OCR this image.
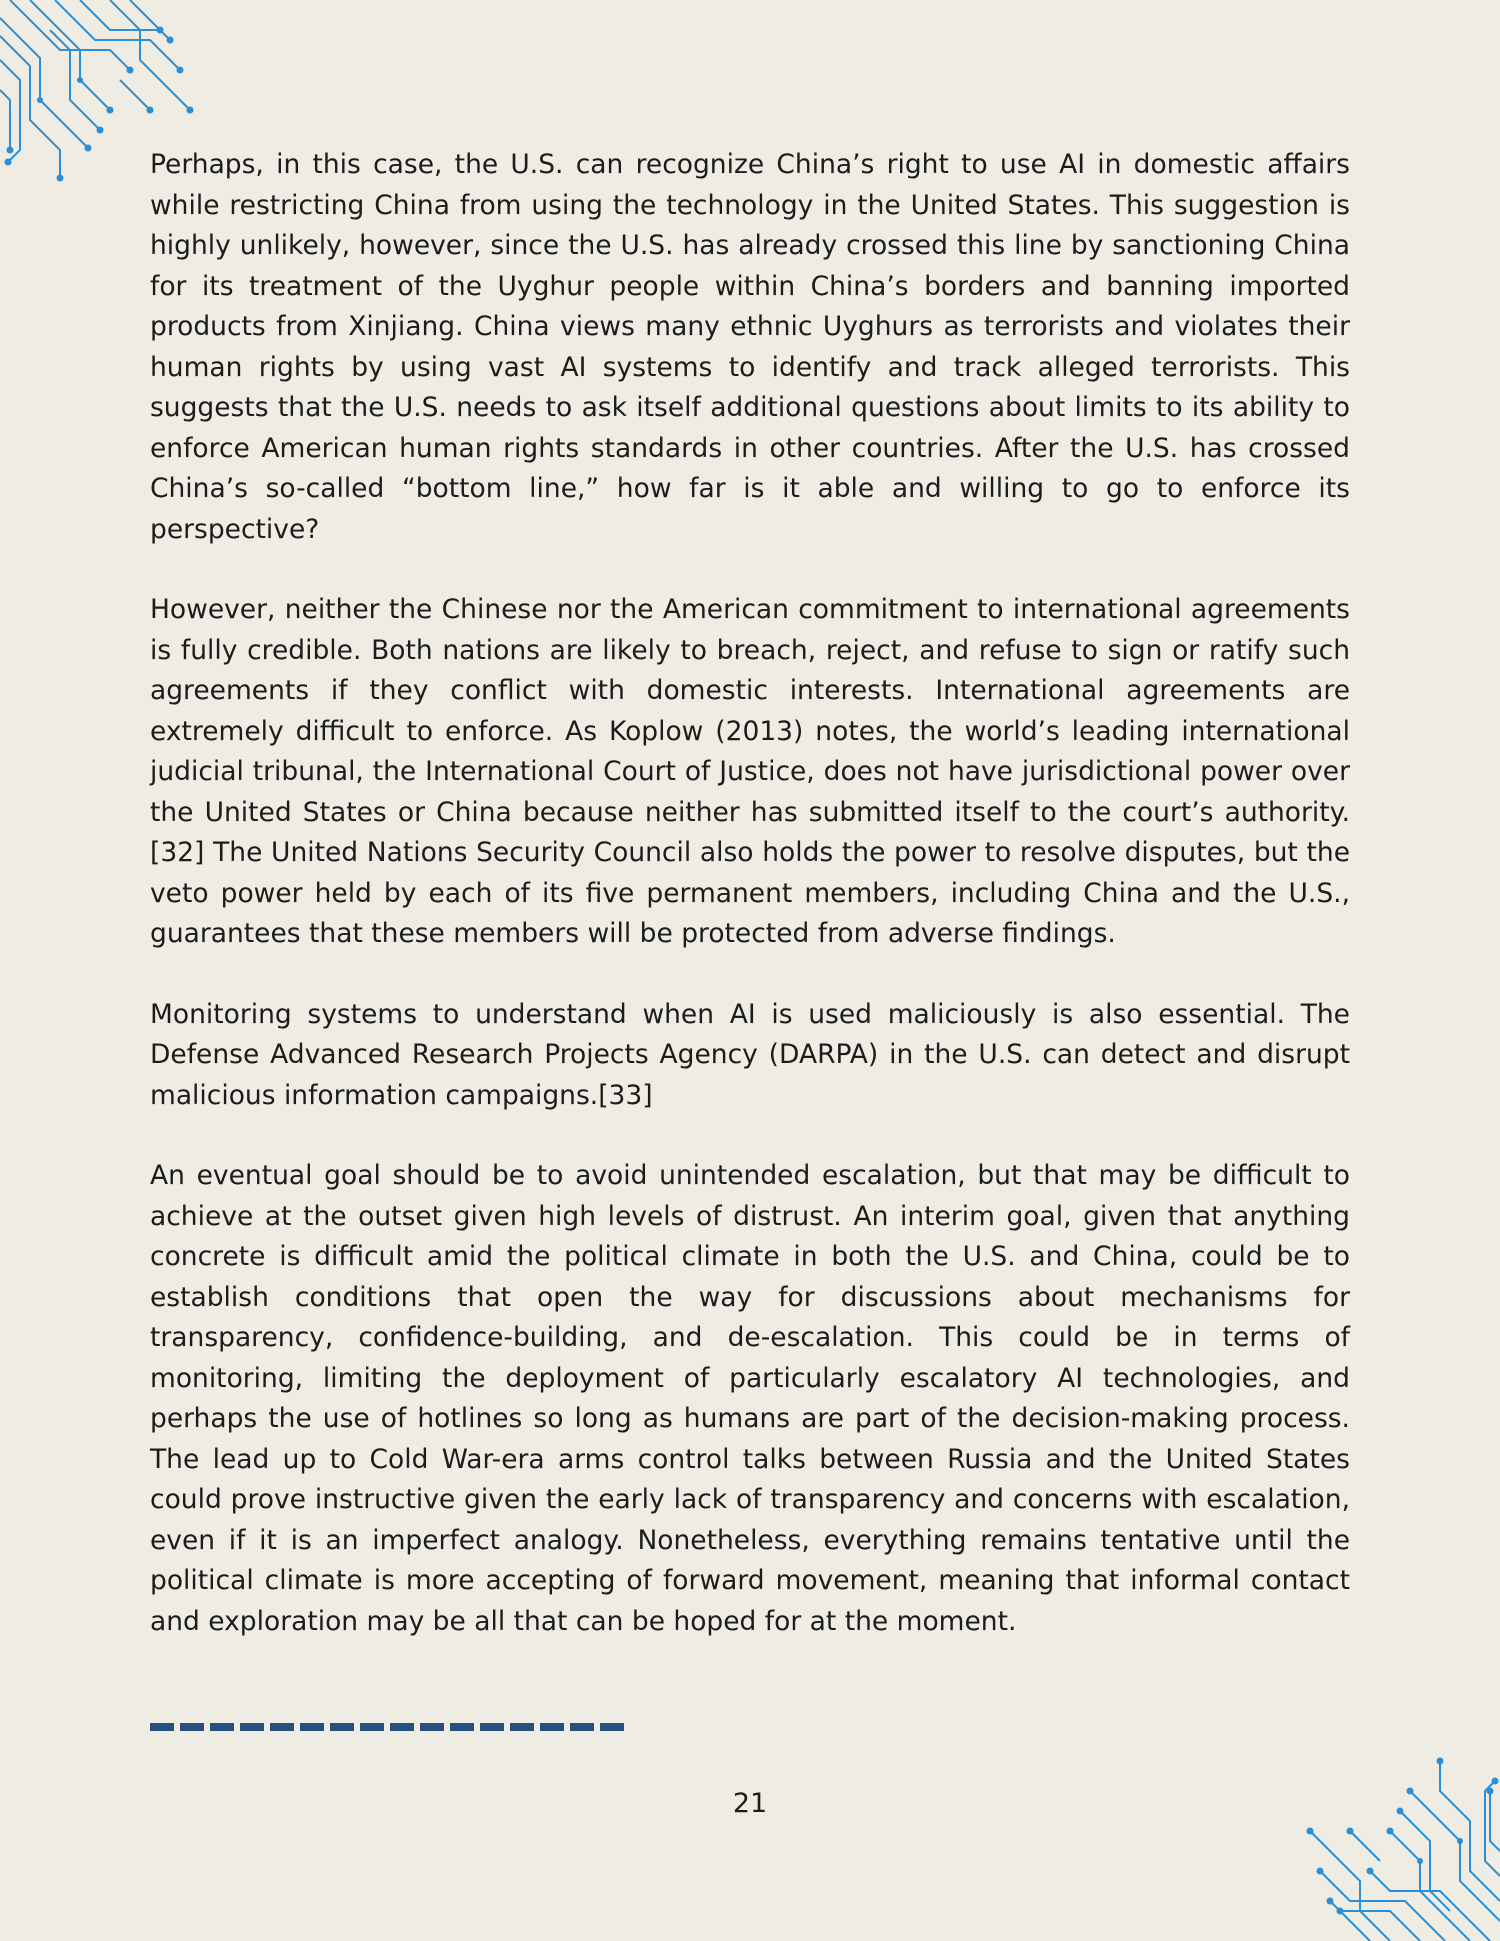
Perhaps, in this case, the U.S. can recognize China’s right to use AI in domestic affairs while restricting China from using the technology in the United States. This suggestion is highly unlikely, however, since the U.S. has already crossed this line by sanctioning China for its treatment of the Uyghur people within China’s borders and banning imported products from Xinjiang. China views many ethnic Uyghurs as terrorists and violates their human rights by using vast AI systems to identify and track alleged terrorists. This suggests that the U.S. needs to ask itself additional questions about limits to its ability to enforce American human rights standards in other countries. After the U.S. has crossed China’s so-called “bottom line,” how far is it able and willing to go to enforce its perspective?

However, neither the Chinese nor the American commitment to international agreements is fully credible. Both nations are likely to breach, reject, and refuse to sign or ratify such agreements if they conflict with domestic interests. International agreements are extremely difficult to enforce. As Koplow (2013) notes, the world’s leading international judicial tribunal, the International Court of Justice, does not have jurisdictional power over the United States or China because neither has submitted itself to the court’s authority.[32] The United Nations Security Council also holds the power to resolve disputes, but the veto power held by each of its five permanent members, including China and the U.S., guarantees that these members will be protected from adverse findings.

Monitoring systems to understand when AI is used maliciously is also essential. The Defense Advanced Research Projects Agency (DARPA) in the U.S. can detect and disrupt malicious information campaigns.[33]

An eventual goal should be to avoid unintended escalation, but that may be difficult to achieve at the outset given high levels of distrust. An interim goal, given that anything concrete is difficult amid the political climate in both the U.S. and China, could be to establish conditions that open the way for discussions about mechanisms for transparency, confidence-building, and de-escalation. This could be in terms of monitoring, limiting the deployment of particularly escalatory AI technologies, and perhaps the use of hotlines so long as humans are part of the decision-making process. The lead up to Cold War-era arms control talks between Russia and the United States could prove instructive given the early lack of transparency and concerns with escalation, even if it is an imperfect analogy. Nonetheless, everything remains tentative until the political climate is more accepting of forward movement, meaning that informal contact and exploration may be all that can be hoped for at the moment.

21
